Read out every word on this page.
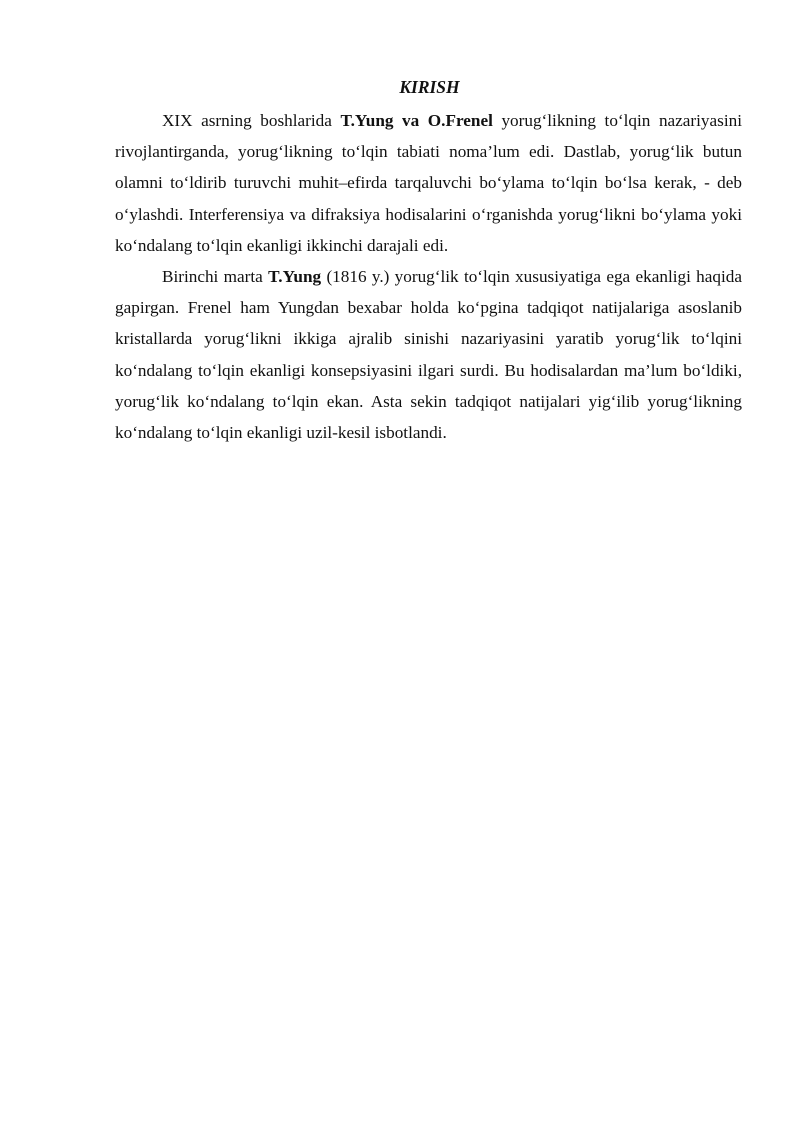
KIRISH

XIX asrning boshlarida T.Yung va O.Frenel yorug‘likning to‘lqin nazariyasini rivojlantirganda, yorug‘likning to‘lqin tabiati noma’lum edi. Dastlab, yorug‘lik butun olamni to‘ldirib turuvchi muhit–efirda tarqaluvchi bo‘ylama to‘lqin bo‘lsa kerak, - deb o‘ylashdi. Interferensiya va difraksiya hodisalarini o‘rganishda yorug‘likni bo‘ylama yoki ko‘ndalang to‘lqin ekanligi ikkinchi darajali edi.

Birinchi marta T.Yung (1816 y.) yorug‘lik to‘lqin xususiyatiga ega ekanligi haqida gapirgan. Frenel ham Yungdan bexabar holda ko‘pgina tadqiqot natijalariga asoslanib kristallarda yorug‘likni ikkiga ajralib sinishi nazariyasini yaratib yorug‘lik to‘lqini ko‘ndalang to‘lqin ekanligi konsepsiyasini ilgari surdi. Bu hodisalardan ma’lum bo‘ldiki, yorug‘lik ko‘ndalang to‘lqin ekan. Asta sekin tadqiqot natijalari yig‘ilib yorug‘likning ko‘ndalang to‘lqin ekanligi uzil-kesil isbotlandi.
